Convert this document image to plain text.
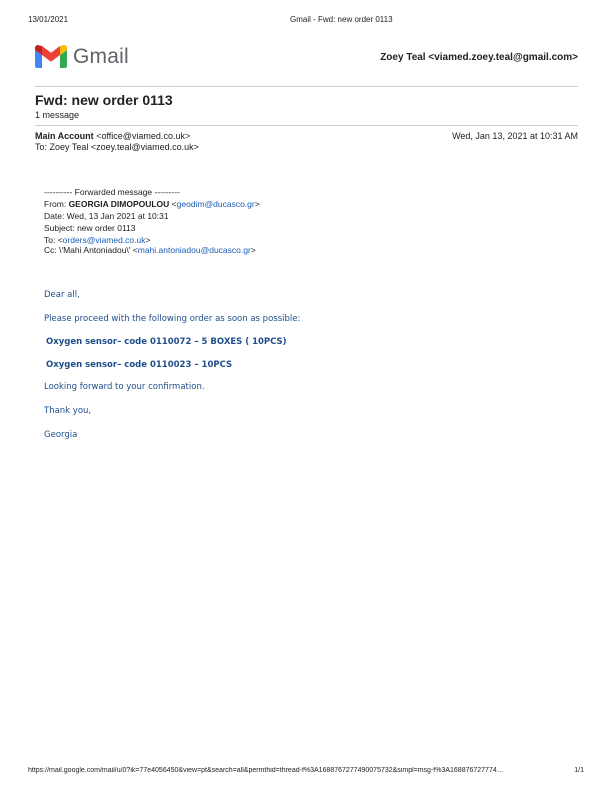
13/01/2021	Gmail - Fwd: new order 0113
Gmail	Zoey Teal <viamed.zoey.teal@gmail.com>
Fwd: new order 0113
1 message
Main Account <office@viamed.co.uk>	Wed, Jan 13, 2021 at 10:31 AM
To: Zoey Teal <zoey.teal@viamed.co.uk>
---------- Forwarded message ---------
From: GEORGIA DIMOPOULOU <geodim@ducasco.gr>
Date: Wed, 13 Jan 2021 at 10:31
Subject: new order 0113
To: <orders@viamed.co.uk>
Cc: \'Mahi Antoniadou\' <mahi.antoniadou@ducasco.gr>
Dear all,
Please proceed with the following order as soon as possible:
Oxygen sensor– code 0110072 – 5 BOXES ( 10PCS)
Oxygen sensor– code 0110023 – 10PCS
Looking forward to your confirmation.
Thank you,
Georgia
https://mail.google.com/mail/u/0?ik=77e4056450&view=pt&search=all&permthid=thread-f%3A1688767277490075732&simpl=msg-f%3A168876727774…	1/1
